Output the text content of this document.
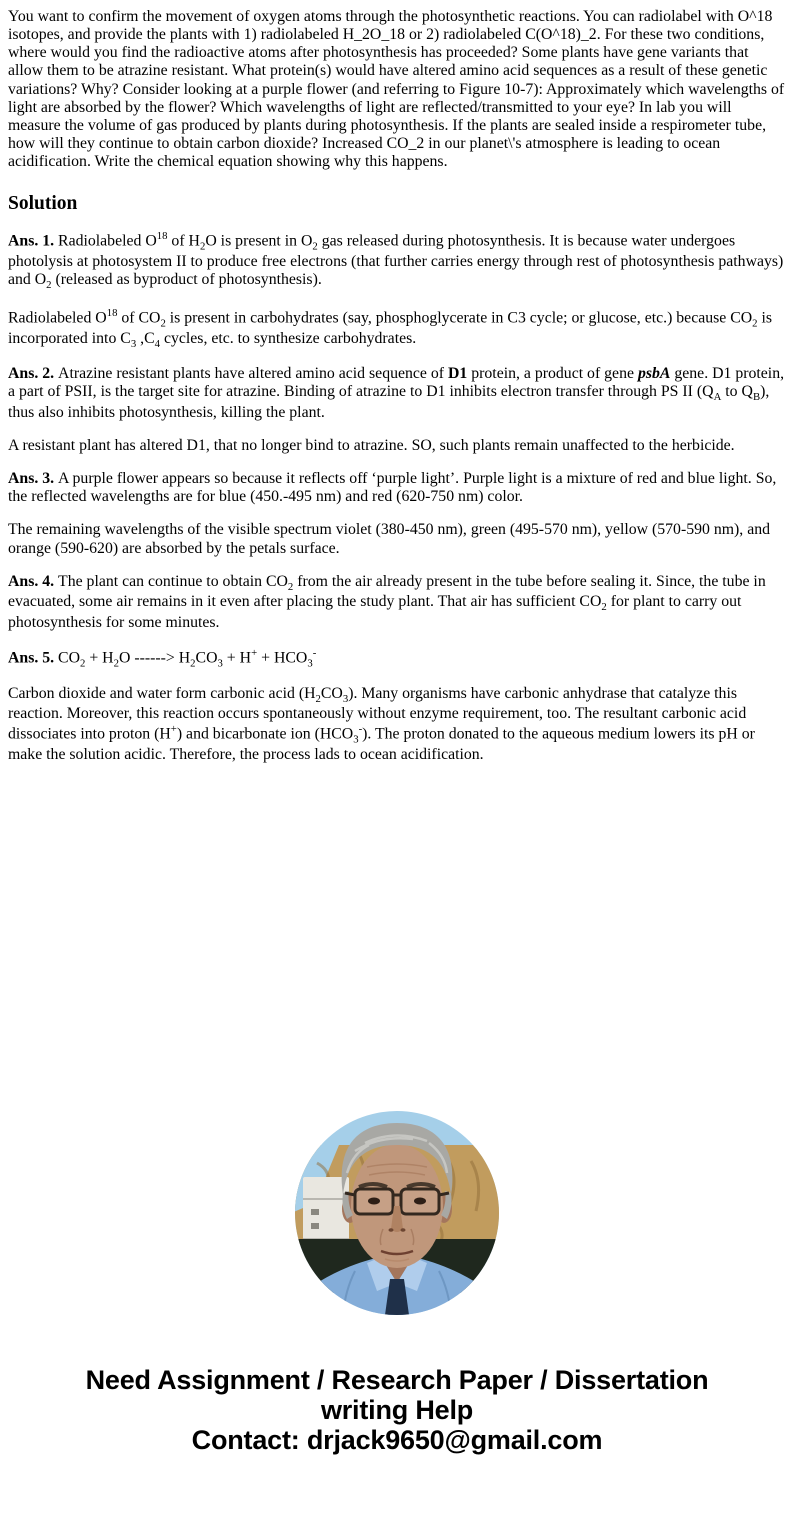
You want to confirm the movement of oxygen atoms through the photosynthetic reactions. You can radiolabel with O^18 isotopes, and provide the plants with 1) radiolabeled H_2O_18 or 2) radiolabeled C(O^18)_2. For these two conditions, where would you find the radioactive atoms after photosynthesis has proceeded? Some plants have gene variants that allow them to be atrazine resistant. What protein(s) would have altered amino acid sequences as a result of these genetic variations? Why? Consider looking at a purple flower (and referring to Figure 10-7): Approximately which wavelengths of light are absorbed by the flower? Which wavelengths of light are reflected/transmitted to your eye? In lab you will measure the volume of gas produced by plants during photosynthesis. If the plants are sealed inside a respirometer tube, how will they continue to obtain carbon dioxide? Increased CO_2 in our planet\'s atmosphere is leading to ocean acidification. Write the chemical equation showing why this happens.

Solution

Ans. 1. Radiolabeled $O^{18}$ of $H_2O$ is present in $O_2$ gas released during photosynthesis. It is because water undergoes photolysis at photosystem II to produce free electrons (that further carries energy through rest of photosynthesis pathways) and $O_2$ (released as byproduct of photosynthesis).

Radiolabeled $O^{18}$ of $CO_2$ is present in carbohydrates (say, phosphoglycerate in C3 cycle; or glucose, etc.) because $CO_2$ is incorporated into $C_3$ $,C_4$ cycles, etc. to synthesize carbohydrates.

Ans. 2. Atrazine resistant plants have altered amino acid sequence of D1 protein, a product of gene psbA gene. D1 protein, a part of PSII, is the target site for atrazine. Binding of atrazine to D1 inhibits electron transfer through PS II ($Q_A$ to $Q_B$), thus also inhibits photosynthesis, killing the plant.

A resistant plant has altered D1, that no longer bind to atrazine. SO, such plants remain unaffected to the herbicide.

Ans. 3. A purple flower appears so because it reflects off ‘purple light’. Purple light is a mixture of red and blue light. So, the reflected wavelengths are for blue (450.-495 nm) and red (620-750 nm) color.

The remaining wavelengths of the visible spectrum violet (380-450 nm), green (495-570 nm), yellow (570-590 nm), and orange (590-620) are absorbed by the petals surface.

Ans. 4. The plant can continue to obtain $CO_2$ from the air already present in the tube before sealing it. Since, the tube in evacuated, some air remains in it even after placing the study plant. That air has sufficient $CO_2$ for plant to carry out photosynthesis for some minutes.

Ans. 5. $CO_2 + H_2O$ ------> $H_2CO_3 + H^+ + HCO_3^-$

Carbon dioxide and water form carbonic acid $(H_2CO_3)$. Many organisms have carbonic anhydrase that catalyze this reaction. Moreover, this reaction occurs spontaneously without enzyme requirement, too. The resultant carbonic acid dissociates into proton (H+) and bicarbonate ion $(HCO_3^-)$. The proton donated to the aqueous medium lowers its pH or make the solution acidic. Therefore, the process lads to ocean acidification.

Need Assignment / Research Paper / Dissertation
writing Help
Contact: drjack9650@gmail.com
